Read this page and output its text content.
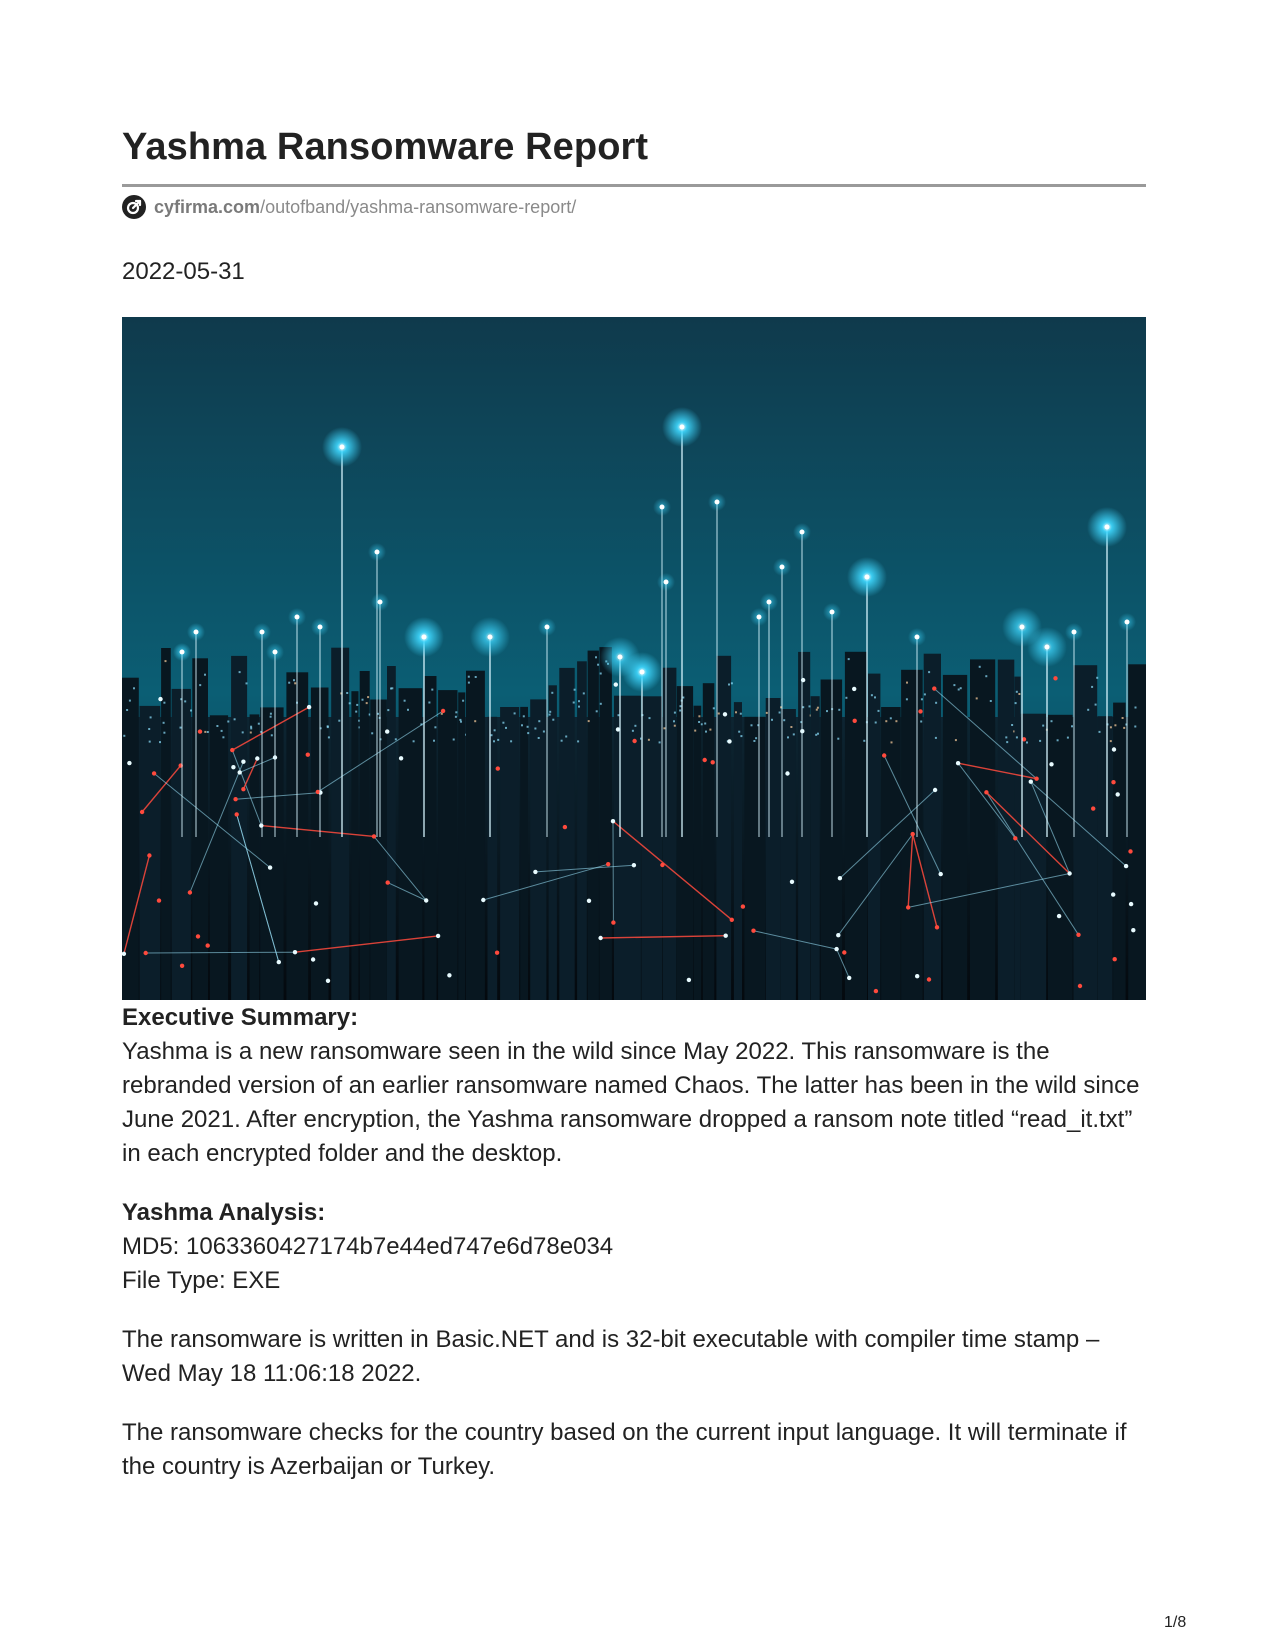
Yashma Ransomware Report
cyfirma.com /outofband/yashma-ransomware-report/
2022-05-31
Executive Summary:

Yashma is a new ransomware seen in the wild since May 2022. This ransomware is the rebranded version of an earlier ransomware named Chaos. The latter has been in the wild since June 2021. After encryption, the Yashma ransomware dropped a ransom note titled “read_it.txt” in each encrypted folder and the desktop.

Yashma Analysis:

MD5: 1063360427174b7e44ed747e6d78e034

File Type: EXE

The ransomware is written in Basic.NET and is 32-bit executable with compiler time stamp – Wed May 18 11:06:18 2022.

The ransomware checks for the country based on the current input language. It will terminate if the country is Azerbaijan or Turkey.

1/8
